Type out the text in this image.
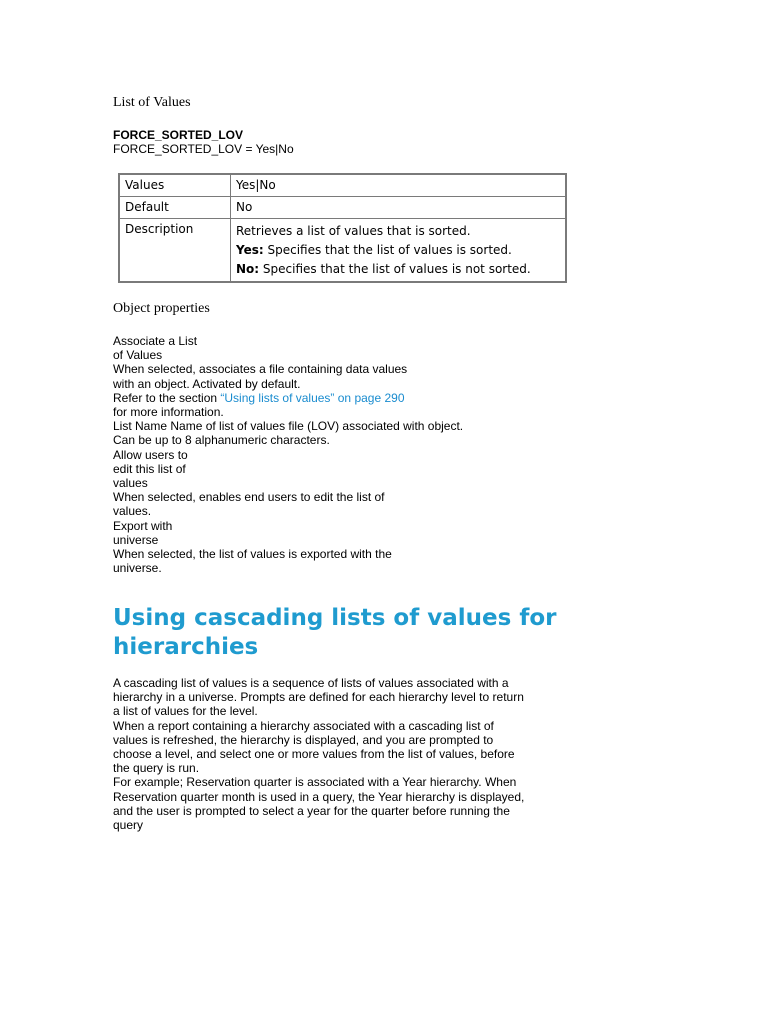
List of Values
FORCE_SORTED_LOV
FORCE_SORTED_LOV = Yes|No
Values	Yes|No
Default	No
Description	Retrieves a list of values that is sorted.
Yes: Specifies that the list of values is sorted.
No: Specifies that the list of values is not sorted.
Object properties
Associate a List
of Values
When selected, associates a file containing data values
with an object. Activated by default.
Refer to the section “Using lists of values” on page 290
for more information.
List Name Name of list of values file (LOV) associated with object.
Can be up to 8 alphanumeric characters.
Allow users to
edit this list of
values
When selected, enables end users to edit the list of
values.
Export with
universe
When selected, the list of values is exported with the
universe.
Using cascading lists of values for
hierarchies
A cascading list of values is a sequence of lists of values associated with a
hierarchy in a universe. Prompts are defined for each hierarchy level to return
a list of values for the level.
When a report containing a hierarchy associated with a cascading list of
values is refreshed, the hierarchy is displayed, and you are prompted to
choose a level, and select one or more values from the list of values, before
the query is run.
For example; Reservation quarter is associated with a Year hierarchy. When
Reservation quarter month is used in a query, the Year hierarchy is displayed,
and the user is prompted to select a year for the quarter before running the
query
